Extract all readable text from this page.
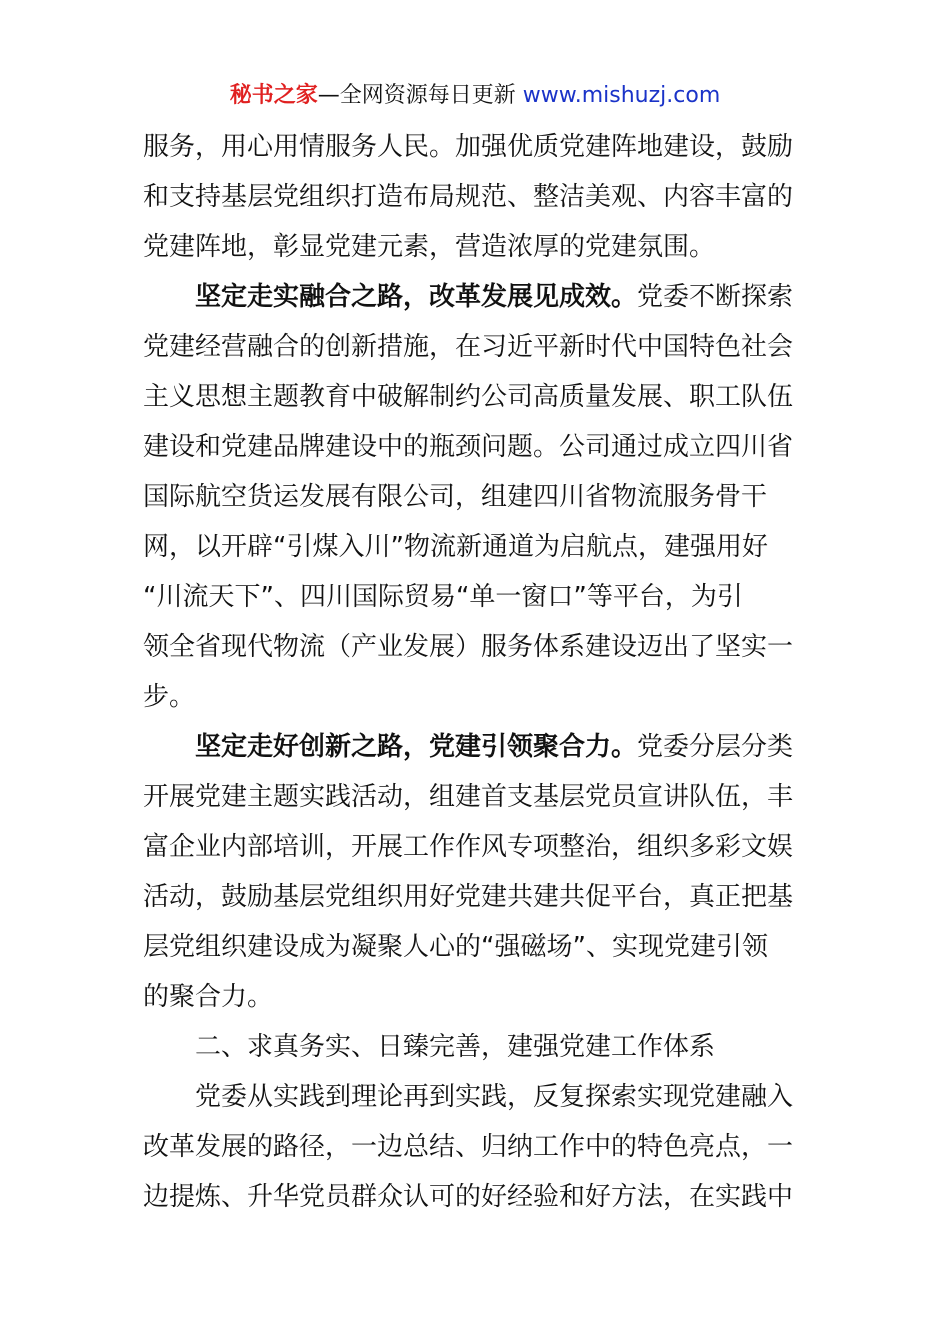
秘书之家—全网资源每日更新 www.mishuzj.com
服务，用心用情服务人民。加强优质党建阵地建设，鼓励
和支持基层党组织打造布局规范、整洁美观、内容丰富的
党建阵地，彰显党建元素，营造浓厚的党建氛围。
坚定走实融合之路，改革发展见成效。党委不断探索
党建经营融合的创新措施，在习近平新时代中国特色社会
主义思想主题教育中破解制约公司高质量发展、职工队伍
建设和党建品牌建设中的瓶颈问题。公司通过成立四川省
国际航空货运发展有限公司，组建四川省物流服务骨干
网，以开辟“引煤入川”物流新通道为启航点，建强用好
“川流天下”、四川国际贸易“单一窗口”等平台，为引
领全省现代物流（产业发展）服务体系建设迈出了坚实一
步。
坚定走好创新之路，党建引领聚合力。党委分层分类
开展党建主题实践活动，组建首支基层党员宣讲队伍，丰
富企业内部培训，开展工作作风专项整治，组织多彩文娱
活动，鼓励基层党组织用好党建共建共促平台，真正把基
层党组织建设成为凝聚人心的“强磁场”、实现党建引领
的聚合力。
二、求真务实、日臻完善，建强党建工作体系
党委从实践到理论再到实践，反复探索实现党建融入
改革发展的路径，一边总结、归纳工作中的特色亮点，一
边提炼、升华党员群众认可的好经验和好方法，在实践中
